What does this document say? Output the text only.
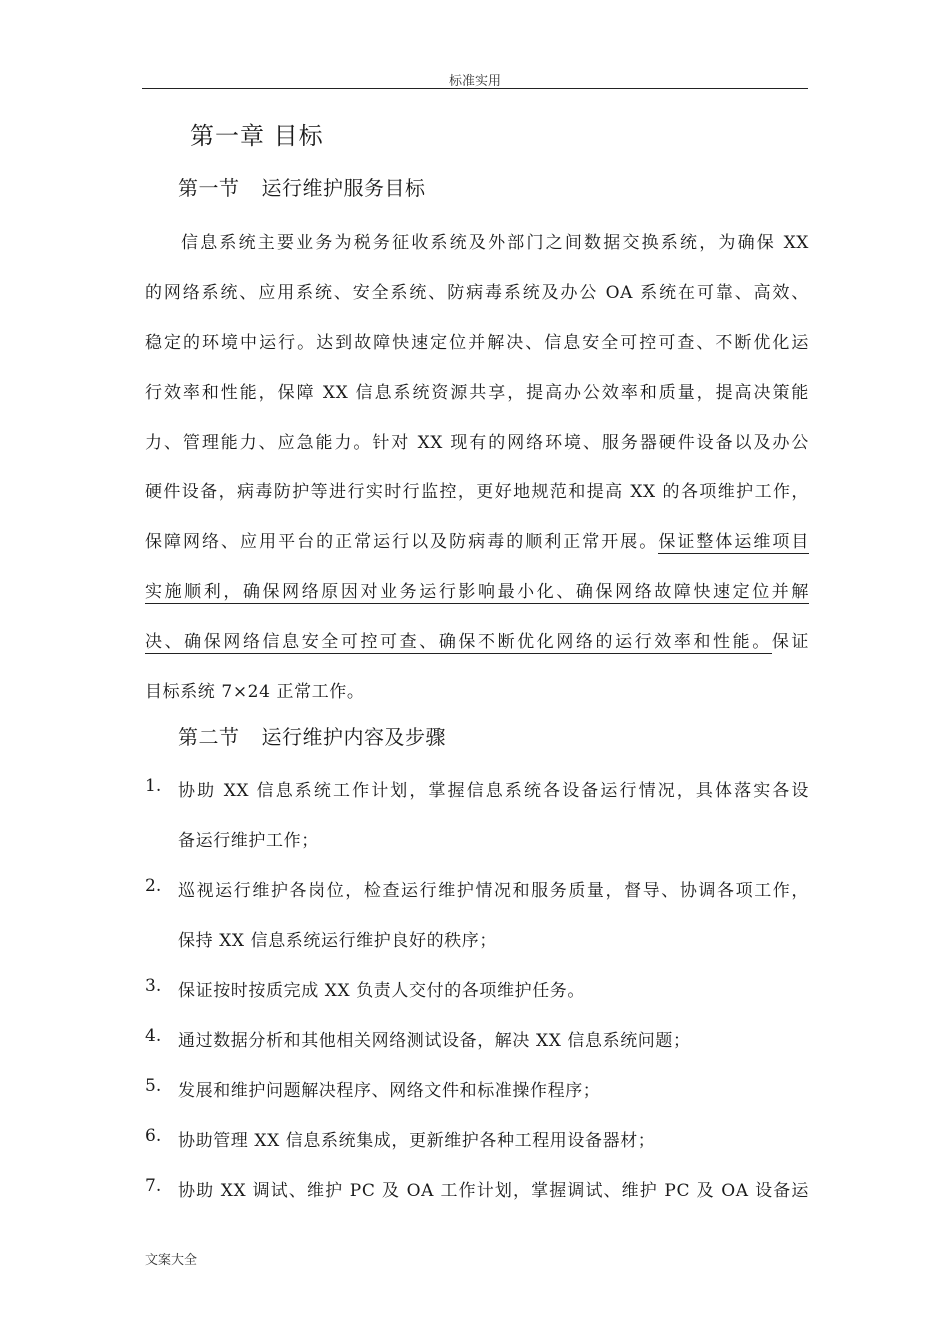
标准实用
第一章 目标
第一节 运行维护服务目标
信息系统主要业务为税务征收系统及外部门之间数据交换系统，为确保 XX
的网络系统、应用系统、安全系统、防病毒系统及办公 OA 系统在可靠、高效、
稳定的环境中运行。达到故障快速定位并解决、信息安全可控可查、不断优化运
行效率和性能，保障 XX 信息系统资源共享，提高办公效率和质量，提高决策能
力、管理能力、应急能力。针对 XX 现有的网络环境、服务器硬件设备以及办公
硬件设备，病毒防护等进行实时行监控，更好地规范和提高 XX 的各项维护工作，
保障网络、应用平台的正常运行以及防病毒的顺利正常开展。保证整体运维项目
实施顺利，确保网络原因对业务运行影响最小化、确保网络故障快速定位并解
决、确保网络信息安全可控可查、确保不断优化网络的运行效率和性能。保证
目标系统 7×24 正常工作。
第二节 运行维护内容及步骤
1. 协助 XX 信息系统工作计划，掌握信息系统各设备运行情况，具体落实各设
备运行维护工作；
2. 巡视运行维护各岗位，检查运行维护情况和服务质量，督导、协调各项工作，
保持 XX 信息系统运行维护良好的秩序；
3. 保证按时按质完成 XX 负责人交付的各项维护任务。
4. 通过数据分析和其他相关网络测试设备，解决 XX 信息系统问题；
5. 发展和维护问题解决程序、网络文件和标准操作程序；
6. 协助管理 XX 信息系统集成，更新维护各种工程用设备器材；
7. 协助 XX 调试、维护 PC 及 OA 工作计划，掌握调试、维护 PC 及 OA 设备运
文案大全
